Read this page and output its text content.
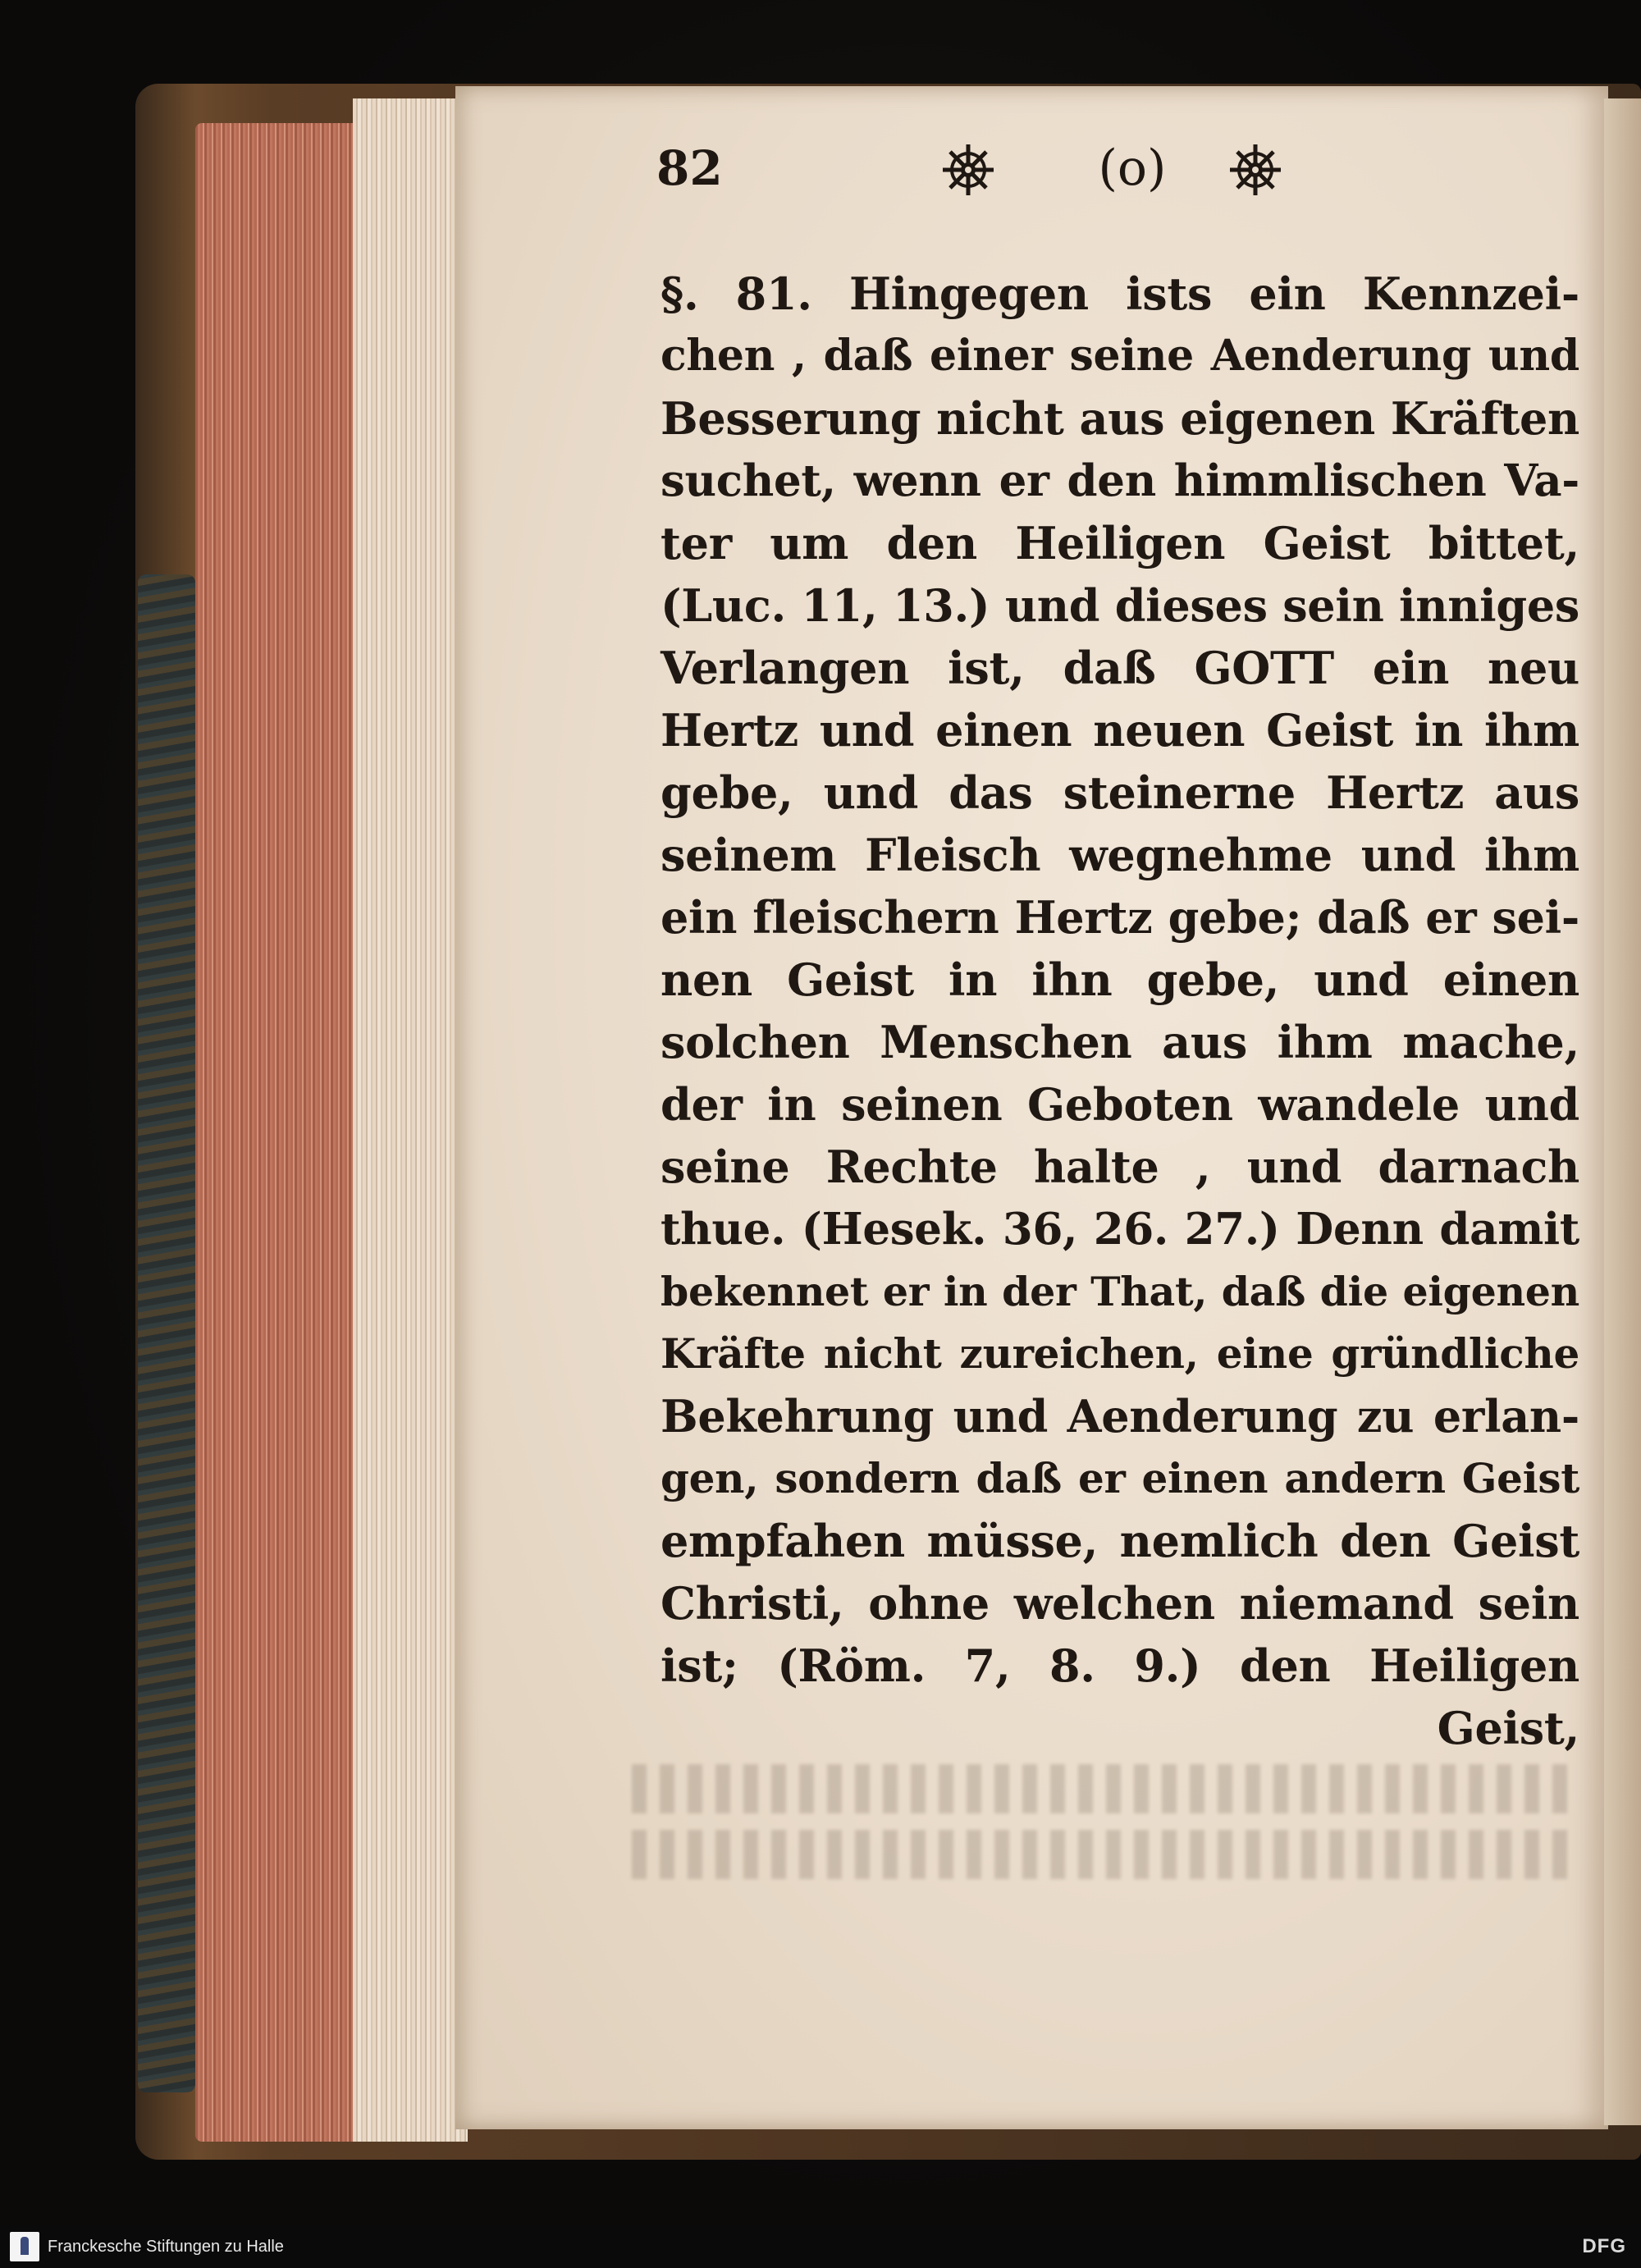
82	(o)
§. 81. Hingegen ists ein Kennzei-
chen , daß einer seine Aenderung und
Besserung nicht aus eigenen Kräften
suchet, wenn er den himmlischen Va-
ter um den Heiligen Geist bittet,
(Luc. 11, 13.) und dieses sein inniges
Verlangen ist, daß GOTT ein neu
Hertz und einen neuen Geist in ihm
gebe, und das steinerne Hertz aus
seinem Fleisch wegnehme und ihm
ein fleischern Hertz gebe; daß er sei-
nen Geist in ihn gebe, und einen
solchen Menschen aus ihm mache,
der in seinen Geboten wandele und
seine Rechte halte , und darnach
thue. (Hesek. 36, 26. 27.) Denn damit
bekennet er in der That, daß die eigenen
Kräfte nicht zureichen, eine gründliche
Bekehrung und Aenderung zu erlan-
gen, sondern daß er einen andern Geist
empfahen müsse, nemlich den Geist
Christi, ohne welchen niemand sein
ist; (Röm. 7, 8. 9.) den Heiligen
Geist,
Franckesche Stiftungen zu Halle	DFG
